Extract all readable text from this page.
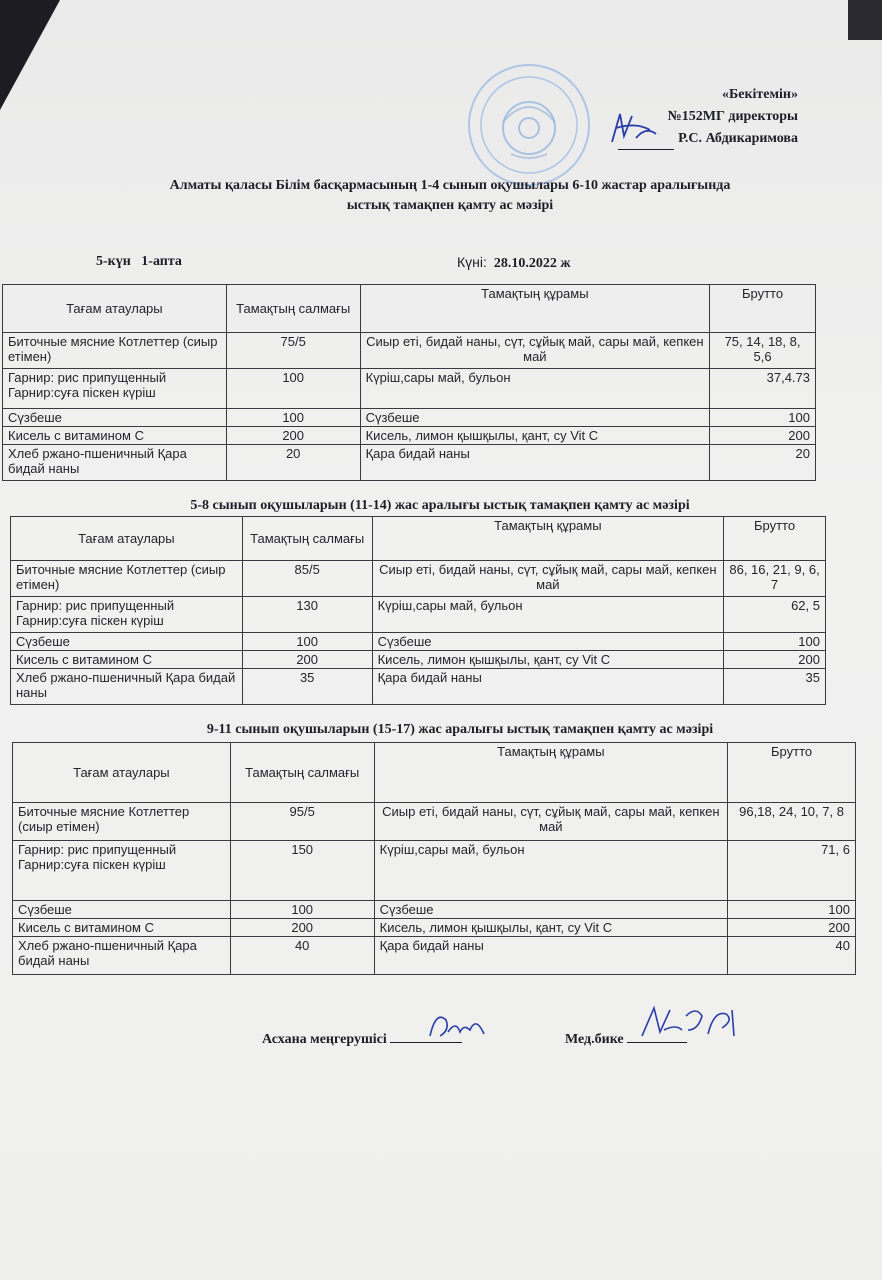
«Бекітемін»
№152МГ директоры
Р.С. Абдикаримова
Алматы қаласы Білім басқармасының 1-4 сынып оқушылары 6-10 жастар аралығында
ыстық тамақпен қамту ас мәзірі
5-күн 1-апта	Күні: 28.10.2022 ж
Тағам атаулары	Тамақтың салмағы	Тамақтың құрамы	Брутто
Биточные мясние Котлеттер (сиыр етімен)	75/5	Сиыр еті, бидай наны, сүт, сұйық май, сары май, кепкен май	75, 14, 18, 8, 5,6
Гарнир: рис припущенный Гарнир:суға піскен күріш	100	Күріш,сары май, бульон	37,4.73
Сүзбеше	100	Сүзбеше	100
Кисель с витамином С	200	Кисель, лимон қышқылы, қант, су Vit C	200
Хлеб ржано-пшеничный Қара бидай наны	20	Қара бидай наны	20
5-8 сынып оқушыларын (11-14) жас аралығы ыстық тамақпен қамту ас мәзірі
Тағам атаулары	Тамақтың салмағы	Тамақтың құрамы	Брутто
Биточные мясние Котлеттер (сиыр етімен)	85/5	Сиыр еті, бидай наны, сүт, сұйық май, сары май, кепкен май	86, 16, 21, 9, 6, 7
Гарнир: рис припущенный Гарнир:суға піскен күріш	130	Күріш,сары май, бульон	62, 5
Сүзбеше	100	Сүзбеше	100
Кисель с витамином С	200	Кисель, лимон қышқылы, қант, су Vit C	200
Хлеб ржано-пшеничный Қара бидай наны	35	Қара бидай наны	35
9-11 сынып оқушыларын (15-17) жас аралығы ыстық тамақпен қамту ас мәзірі
Тағам атаулары	Тамақтың салмағы	Тамақтың құрамы	Брутто
Биточные мясние Котлеттер (сиыр етімен)	95/5	Сиыр еті, бидай наны, сүт, сұйық май, сары май, кепкен май	96,18, 24, 10, 7, 8
Гарнир: рис припущенный Гарнир:суға піскен күріш	150	Күріш,сары май, бульон	71, 6
Сүзбеше	100	Сүзбеше	100
Кисель с витамином С	200	Кисель, лимон қышқылы, қант, су Vit C	200
Хлеб ржано-пшеничный Қара бидай наны	40	Қара бидай наны	40
Асхана меңгерушісі	Мед.бике
